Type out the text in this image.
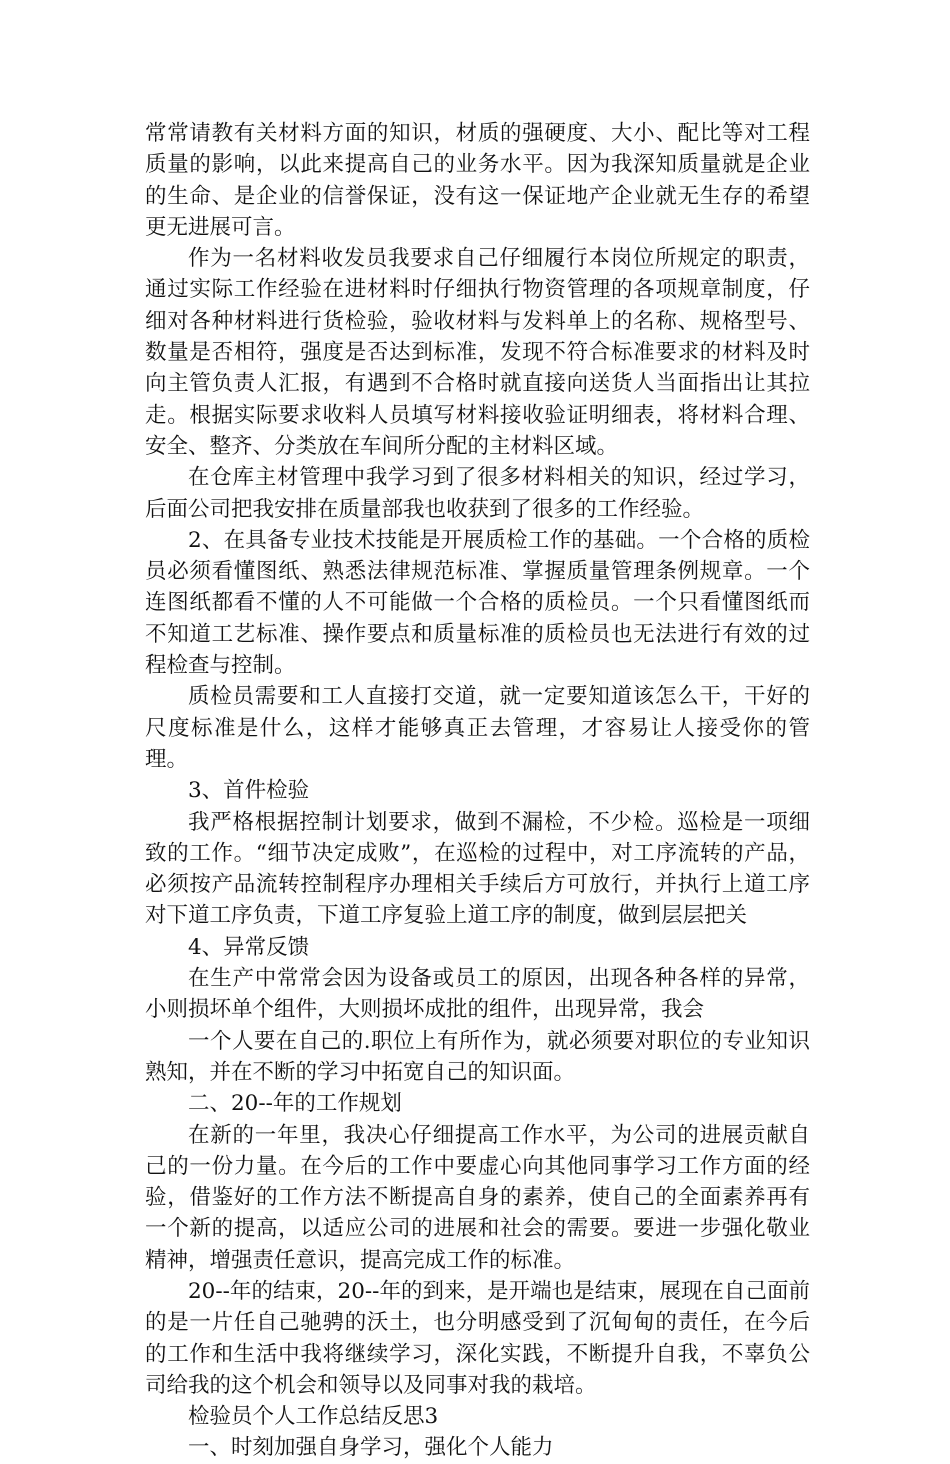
常常请教有关材料方面的知识，材质的强硬度、大小、配比等对工程质量的影响，以此来提高自己的业务水平。因为我深知质量就是企业的生命、是企业的信誉保证，没有这一保证地产企业就无生存的希望更无进展可言。

作为一名材料收发员我要求自己仔细履行本岗位所规定的职责，通过实际工作经验在进材料时仔细执行物资管理的各项规章制度，仔细对各种材料进行货检验，验收材料与发料单上的名称、规格型号、数量是否相符，强度是否达到标准，发现不符合标准要求的材料及时向主管负责人汇报，有遇到不合格时就直接向送货人当面指出让其拉走。根据实际要求收料人员填写材料接收验证明细表，将材料合理、安全、整齐、分类放在车间所分配的主材料区域。

在仓库主材管理中我学习到了很多材料相关的知识，经过学习，后面公司把我安排在质量部我也收获到了很多的工作经验。

2、在具备专业技术技能是开展质检工作的基础。一个合格的质检员必须看懂图纸、熟悉法律规范标准、掌握质量管理条例规章。一个连图纸都看不懂的人不可能做一个合格的质检员。一个只看懂图纸而不知道工艺标准、操作要点和质量标准的质检员也无法进行有效的过程检查与控制。

质检员需要和工人直接打交道，就一定要知道该怎么干，干好的尺度标准是什么，这样才能够真正去管理，才容易让人接受你的管理。

3、首件检验

我严格根据控制计划要求，做到不漏检，不少检。巡检是一项细致的工作。“细节决定成败”，在巡检的过程中，对工序流转的产品，必须按产品流转控制程序办理相关手续后方可放行，并执行上道工序对下道工序负责，下道工序复验上道工序的制度，做到层层把关

4、异常反馈

在生产中常常会因为设备或员工的原因，出现各种各样的异常，小则损坏单个组件，大则损坏成批的组件，出现异常，我会

一个人要在自己的.职位上有所作为，就必须要对职位的专业知识熟知，并在不断的学习中拓宽自己的知识面。

二、20--年的工作规划

在新的一年里，我决心仔细提高工作水平，为公司的进展贡献自己的一份力量。在今后的工作中要虚心向其他同事学习工作方面的经验，借鉴好的工作方法不断提高自身的素养，使自己的全面素养再有一个新的提高，以适应公司的进展和社会的需要。要进一步强化敬业精神，增强责任意识，提高完成工作的标准。

20--年的结束，20--年的到来，是开端也是结束，展现在自己面前的是一片任自己驰骋的沃土，也分明感受到了沉甸甸的责任，在今后的工作和生活中我将继续学习，深化实践，不断提升自我，不辜负公司给我的这个机会和领导以及同事对我的栽培。

检验员个人工作总结反思3

一、时刻加强自身学习，强化个人能力
